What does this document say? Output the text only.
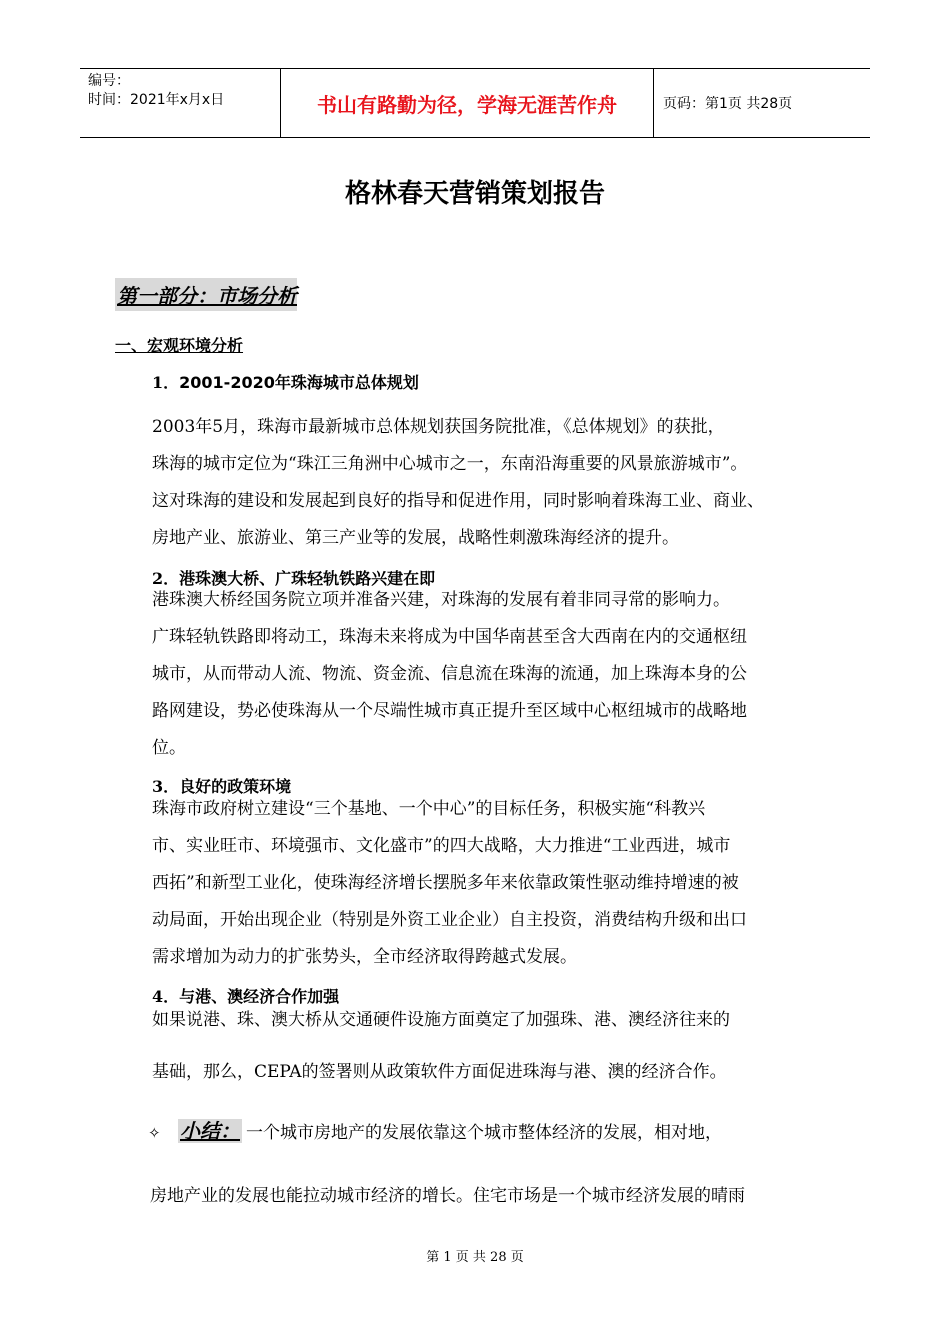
编号：
时间：2021年x月x日	书山有路勤为径，学海无涯苦作舟	页码：第1页 共28页
格林春天营销策划报告
第一部分：市场分析
一、宏观环境分析
1．2001-2020年珠海城市总体规划
2003年5月，珠海市最新城市总体规划获国务院批准，《总体规划》的获批，
珠海的城市定位为“珠江三角洲中心城市之一，东南沿海重要的风景旅游城市”。
这对珠海的建设和发展起到良好的指导和促进作用，同时影响着珠海工业、商业、
房地产业、旅游业、第三产业等的发展，战略性刺激珠海经济的提升。
2．港珠澳大桥、广珠轻轨铁路兴建在即
港珠澳大桥经国务院立项并准备兴建，对珠海的发展有着非同寻常的影响力。
广珠轻轨铁路即将动工，珠海未来将成为中国华南甚至含大西南在内的交通枢纽
城市，从而带动人流、物流、资金流、信息流在珠海的流通，加上珠海本身的公
路网建设，势必使珠海从一个尽端性城市真正提升至区域中心枢纽城市的战略地
位。
3．良好的政策环境
珠海市政府树立建设“三个基地、一个中心”的目标任务，积极实施“科教兴
市、实业旺市、环境强市、文化盛市”的四大战略，大力推进“工业西进，城市
西拓”和新型工业化，使珠海经济增长摆脱多年来依靠政策性驱动维持增速的被
动局面，开始出现企业（特别是外资工业企业）自主投资，消费结构升级和出口
需求增加为动力的扩张势头，全市经济取得跨越式发展。
4．与港、澳经济合作加强
如果说港、珠、澳大桥从交通硬件设施方面奠定了加强珠、港、澳经济往来的
基础，那么，CEPA的签署则从政策软件方面促进珠海与港、澳的经济合作。
✧ 小结： 一个城市房地产的发展依靠这个城市整体经济的发展，相对地，
房地产业的发展也能拉动城市经济的增长。住宅市场是一个城市经济发展的晴雨
第 1 页 共 28 页
